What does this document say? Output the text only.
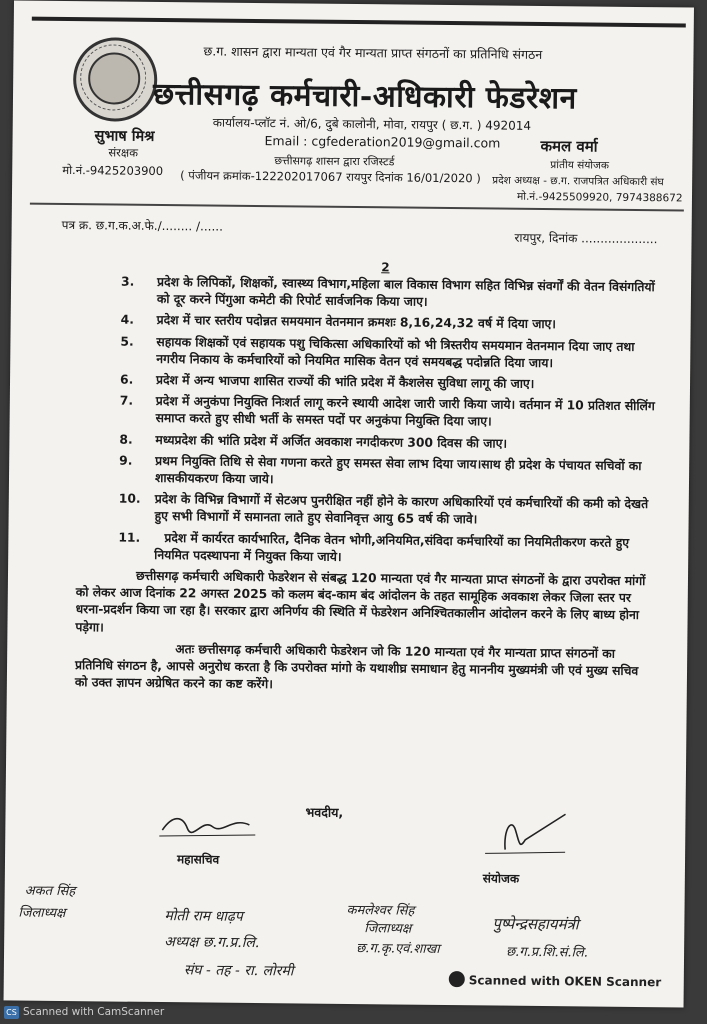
छ.ग. शासन द्वारा मान्यता एवं गैर मान्यता प्राप्त संगठनों का प्रतिनिधि संगठन
छत्तीसगढ़ कर्मचारी-अधिकारी फेडरेशन
कार्यालय-प्लॉट नं. ओ/6, दुबे कालोनी, मोवा, रायपुर ( छ.ग. ) 492014
Email : cgfederation2019@gmail.com
छत्तीसगढ़ शासन द्वारा रजिस्टर्ड
( पंजीयन क्रमांक-122202017067 रायपुर दिनांक 16/01/2020 )
सुभाष मिश्र
संरक्षक
मो.नं.-9425203900
कमल वर्मा
प्रांतीय संयोजक
प्रदेश अध्यक्ष - छ.ग. राजपत्रित अधिकारी संघ
मो.नं.-9425509920, 7974388672
पत्र क्र. छ.ग.क.अ.फे./........ /......
रायपुर, दिनांक ....................
2

3. प्रदेश के लिपिकों, शिक्षकों, स्वास्थ्य विभाग,महिला बाल विकास विभाग सहित विभिन्न संवर्गों की वेतन विसंगतियों को दूर करने पिंगुआ कमेटी की रिपोर्ट सार्वजनिक किया जाए।

4. प्रदेश में चार स्तरीय पदोन्नत समयमान वेतनमान क्रमशः 8,16,24,32 वर्ष में दिया जाए।

5. सहायक शिक्षकों एवं सहायक पशु चिकित्सा अधिकारियों को भी त्रिस्तरीय समयमान वेतनमान दिया जाए तथा नगरीय निकाय के कर्मचारियों को नियमित मासिक वेतन एवं समयबद्ध पदोन्नति दिया जाय।

6. प्रदेश में अन्य भाजपा शासित राज्यों की भांति प्रदेश में कैशलेस सुविधा लागू की जाए।

7. प्रदेश में अनुकंपा नियुक्ति निःशर्त लागू करने स्थायी आदेश जारी जारी किया जाये। वर्तमान में 10 प्रतिशत सीलिंग समाप्त करते हुए सीधी भर्ती के समस्त पदों पर अनुकंपा नियुक्ति दिया जाए।

8. मध्यप्रदेश की भांति प्रदेश में अर्जित अवकाश नगदीकरण 300 दिवस की जाए।

9. प्रथम नियुक्ति तिथि से सेवा गणना करते हुए समस्त सेवा लाभ दिया जाय।साथ ही प्रदेश के पंचायत सचिवों का शासकीयकरण किया जाये।

10. प्रदेश के विभिन्न विभागों में सेटअप पुनरीक्षित नहीं होने के कारण अधिकारियों एवं कर्मचारियों की कमी को देखते हुए सभी विभागों में समानता लाते हुए सेवानिवृत्त आयु 65 वर्ष की जावे।

11. प्रदेश में कार्यरत कार्यभारित, दैनिक वेतन भोगी,अनियमित,संविदा कर्मचारियों का नियमितीकरण करते हुए नियमित पदस्थापना में नियुक्त किया जाये।

छत्तीसगढ़ कर्मचारी अधिकारी फेडरेशन से संबद्ध 120 मान्यता एवं गैर मान्यता प्राप्त संगठनों के द्वारा उपरोक्त मांगों को लेकर आज दिनांक 22 अगस्त 2025 को कलम बंद-काम बंद आंदोलन के तहत सामूहिक अवकाश लेकर जिला स्तर पर धरना-प्रदर्शन किया जा रहा है। सरकार द्वारा अनिर्णय की स्थिति में फेडरेशन अनिश्चितकालीन आंदोलन करने के लिए बाध्य होना पड़ेगा।

अतः छत्तीसगढ़ कर्मचारी अधिकारी फेडरेशन जो कि 120 मान्यता एवं गैर मान्यता प्राप्त संगठनों का प्रतिनिधि संगठन है, आपसे अनुरोध करता है कि उपरोक्त मांगो के यथाशीघ्र समाधान हेतु माननीय मुख्यमंत्री जी एवं मुख्य सचिव को उक्त ज्ञापन अग्रेषित करने का कष्ट करेंगे।

भवदीय,
महासचिव
संयोजक
अकत सिंह
जिलाध्यक्ष	मोती राम धाढ़प
अध्यक्ष छ.ग.प्र.लि.
संघ - तह - रा. लोरमी
कमलेश्वर सिंह
जिलाध्यक्ष
छ.ग.कृ.एवं.शाखा
पुष्पेन्द्रसहायमंत्री
छ.ग.प्र.शि.सं.लि.
Scanned with OKEN Scanner
CS Scanned with CamScanner
